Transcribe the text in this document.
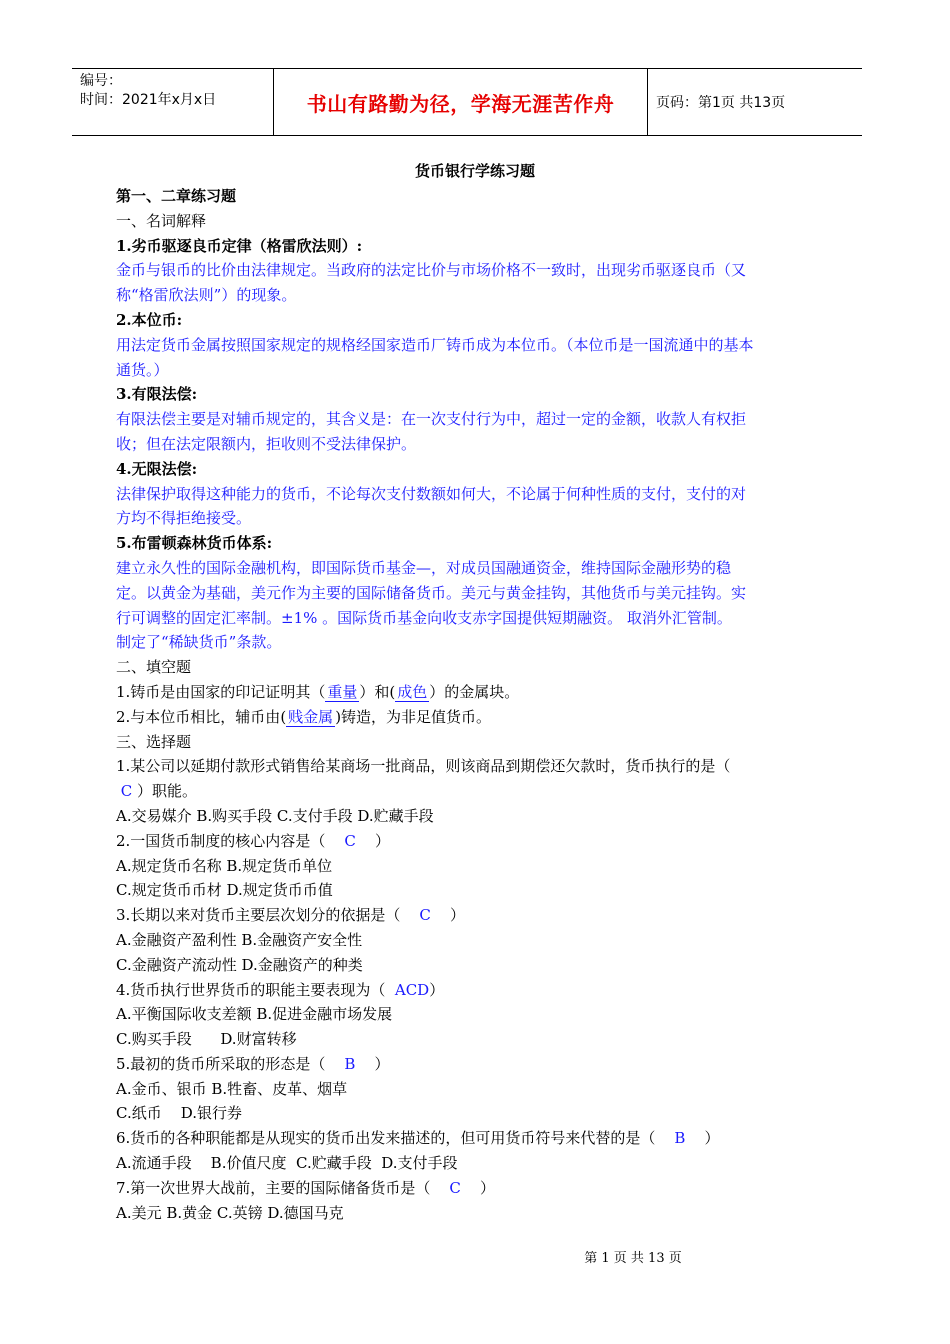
编号：
时间：2021年x月x日	书山有路勤为径，学海无涯苦作舟	页码：第1页 共13页
货币银行学练习题
第一、二章练习题
一、名词解释
1.劣币驱逐良币定律（格雷欣法则）:
金币与银币的比价由法律规定。当政府的法定比价与市场价格不一致时，出现劣币驱逐良币（又
称“格雷欣法则”）的现象。
2.本位币:
用法定货币金属按照国家规定的规格经国家造币厂铸币成为本位币。（本位币是一国流通中的基本
通货。）
3.有限法偿:
有限法偿主要是对辅币规定的，其含义是：在一次支付行为中，超过一定的金额，收款人有权拒
收；但在法定限额内，拒收则不受法律保护。
4.无限法偿:
法律保护取得这种能力的货币，不论每次支付数额如何大，不论属于何种性质的支付，支付的对
方均不得拒绝接受。
5.布雷顿森林货币体系:
建立永久性的国际金融机构，即国际货币基金—，对成员国融通资金，维持国际金融形势的稳
定。以黄金为基础，美元作为主要的国际储备货币。美元与黄金挂钩，其他货币与美元挂钩。实
行可调整的固定汇率制。±1% 。国际货币基金向收支赤字国提供短期融资。 取消外汇管制。
制定了“稀缺货币”条款。
二、填空题
1.铸币是由国家的印记证明其（ 重量 ）和( 成色 ）的金属块。
2.与本位币相比，辅币由( 贱金属 )铸造，为非足值货币。
三、选择题
1.某公司以延期付款形式销售给某商场一批商品，则该商品到期偿还欠款时，货币执行的是（
C ）职能。
A.交易媒介 B.购买手段 C.支付手段 D.贮藏手段
2.一国货币制度的核心内容是（    C    ）
A.规定货币名称 B.规定货币单位
C.规定货币币材 D.规定货币币值
3.长期以来对货币主要层次划分的依据是（    C    ）
A.金融资产盈利性 B.金融资产安全性
C.金融资产流动性 D.金融资产的种类
4.货币执行世界货币的职能主要表现为（  ACD）
A.平衡国际收支差额 B.促进金融市场发展
C.购买手段      D.财富转移
5.最初的货币所采取的形态是（    B    ）
A.金币、银币 B.牲畜、皮革、烟草
C.纸币    D.银行券
6.货币的各种职能都是从现实的货币出发来描述的，但可用货币符号来代替的是（    B    ）
A.流通手段    B.价值尺度  C.贮藏手段  D.支付手段
7.第一次世界大战前，主要的国际储备货币是（    C    ）
A.美元 B.黄金 C.英镑 D.德国马克
第 1 页 共 13 页
